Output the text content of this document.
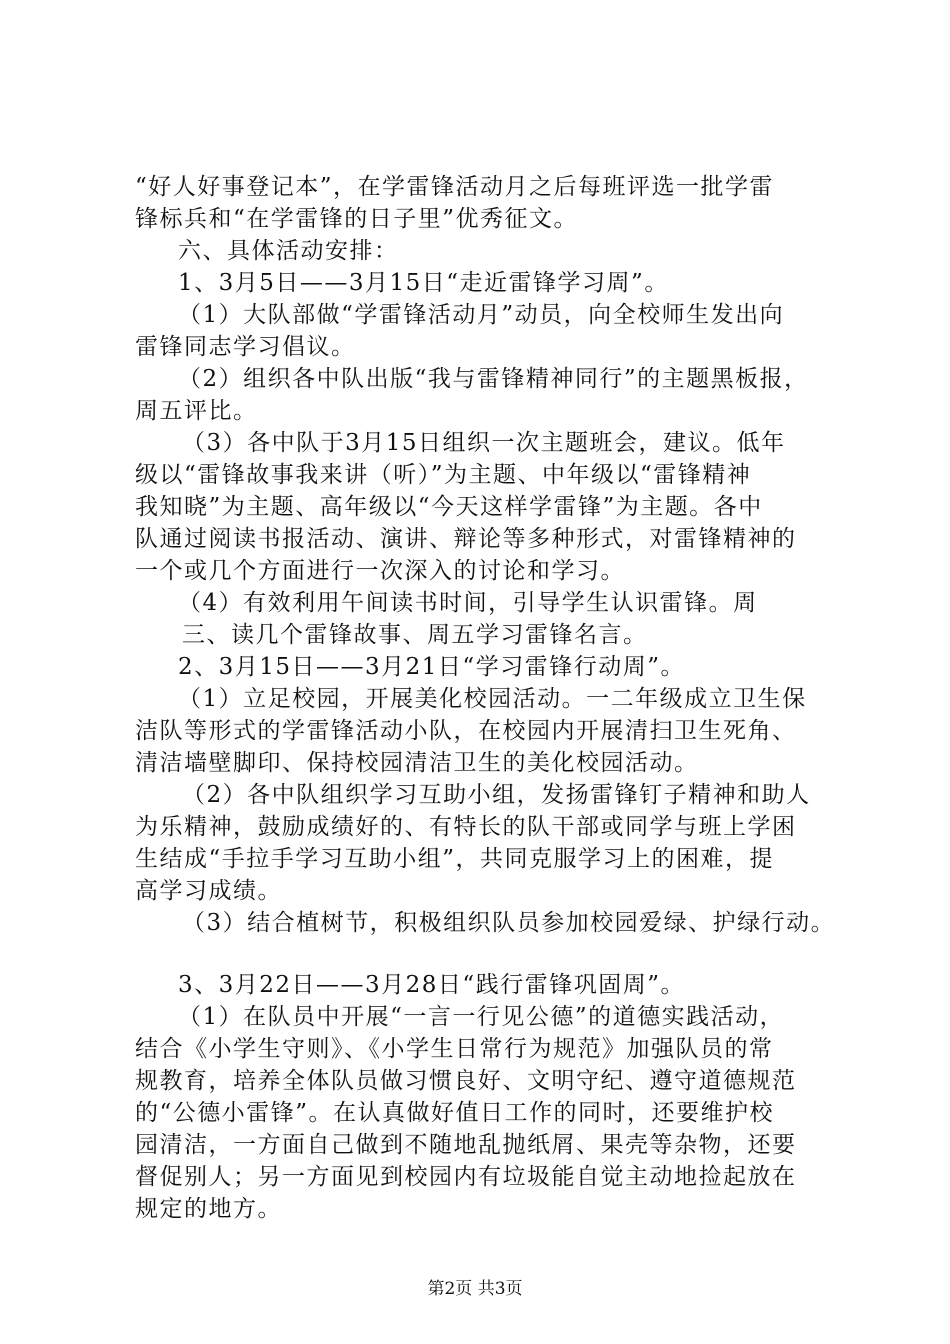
“好人好事登记本”，在学雷锋活动月之后每班评选一批学雷
锋标兵和“在学雷锋的日子里”优秀征文。
六、具体活动安排：
1、3月5日——3月15日“走近雷锋学习周”。
（1）大队部做“学雷锋活动月”动员，向全校师生发出向
雷锋同志学习倡议。
（2）组织各中队出版“我与雷锋精神同行”的主题黑板报，
周五评比。
（3）各中队于3月15日组织一次主题班会，建议。低年
级以“雷锋故事我来讲（听）”为主题、中年级以“雷锋精神
我知晓”为主题、高年级以“今天这样学雷锋”为主题。各中
队通过阅读书报活动、演讲、辩论等多种形式，对雷锋精神的
一个或几个方面进行一次深入的讨论和学习。
（4）有效利用午间读书时间，引导学生认识雷锋。周
三、读几个雷锋故事、周五学习雷锋名言。
2、3月15日——3月21日“学习雷锋行动周”。
（1）立足校园，开展美化校园活动。一二年级成立卫生保
洁队等形式的学雷锋活动小队，在校园内开展清扫卫生死角、
清洁墙壁脚印、保持校园清洁卫生的美化校园活动。
（2）各中队组织学习互助小组，发扬雷锋钉子精神和助人
为乐精神，鼓励成绩好的、有特长的队干部或同学与班上学困
生结成“手拉手学习互助小组”，共同克服学习上的困难，提
高学习成绩。
（3）结合植树节，积极组织队员参加校园爱绿、护绿行动。
3、3月22日——3月28日“践行雷锋巩固周”。
（1）在队员中开展“一言一行见公德”的道德实践活动，
结合《小学生守则》、《小学生日常行为规范》加强队员的常
规教育，培养全体队员做习惯良好、文明守纪、遵守道德规范
的“公德小雷锋”。在认真做好值日工作的同时，还要维护校
园清洁，一方面自己做到不随地乱抛纸屑、果壳等杂物，还要
督促别人；另一方面见到校园内有垃圾能自觉主动地捡起放在
规定的地方。
第2页 共3页
